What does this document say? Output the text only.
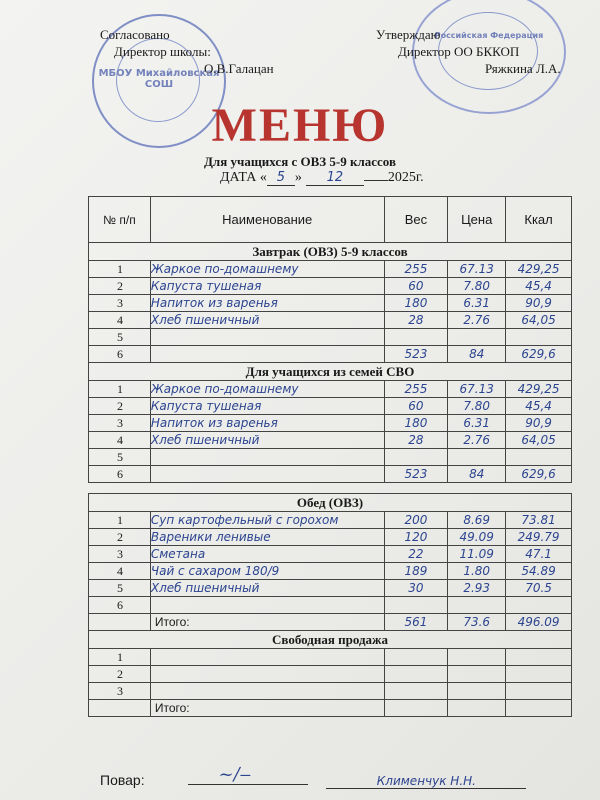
МБОУ Михайловская СОШ
Российская Федерация
Согласовано
Директор школы:
О.В.Галацан
Утверждаю
Директор ОО БККОП
Ряжкина Л.А.
МЕНЮ
Для учащихся с ОВЗ 5-9 классов
ДАТА « 5 » 12	2025г.
№ п/п	Наименование	Вес	Цена	Ккал
Завтрак (ОВЗ) 5-9 классов				
1	Жаркое по-домашнему	255	67.13	429,25
2	Капуста тушеная	60	7.80	45,4
3	Напиток из варенья	180	6.31	90,9
4	Хлеб пшеничный	28	2.76	64,05
5				
6		523	84	629,6
Для учащихся из семей СВО				
1	Жаркое по-домашнему	255	67.13	429,25
2	Капуста тушеная	60	7.80	45,4
3	Напиток из варенья	180	6.31	90,9
4	Хлеб пшеничный	28	2.76	64,05
5				
6		523	84	629,6

Обед (ОВЗ)				
1	Суп картофельный с горохом	200	8.69	73.81
2	Вареники ленивые	120	49.09	249.79
3	Сметана	22	11.09	47.1
4	Чай с сахаром 180/9	189	1.80	54.89
5	Хлеб пшеничный	30	2.93	70.5
6				
	Итого:	561	73.6	496.09
Свободная продажа				
1				
2				
3				
	Итого:			
Повар:	~∕‒	Клименчук Н.Н.
